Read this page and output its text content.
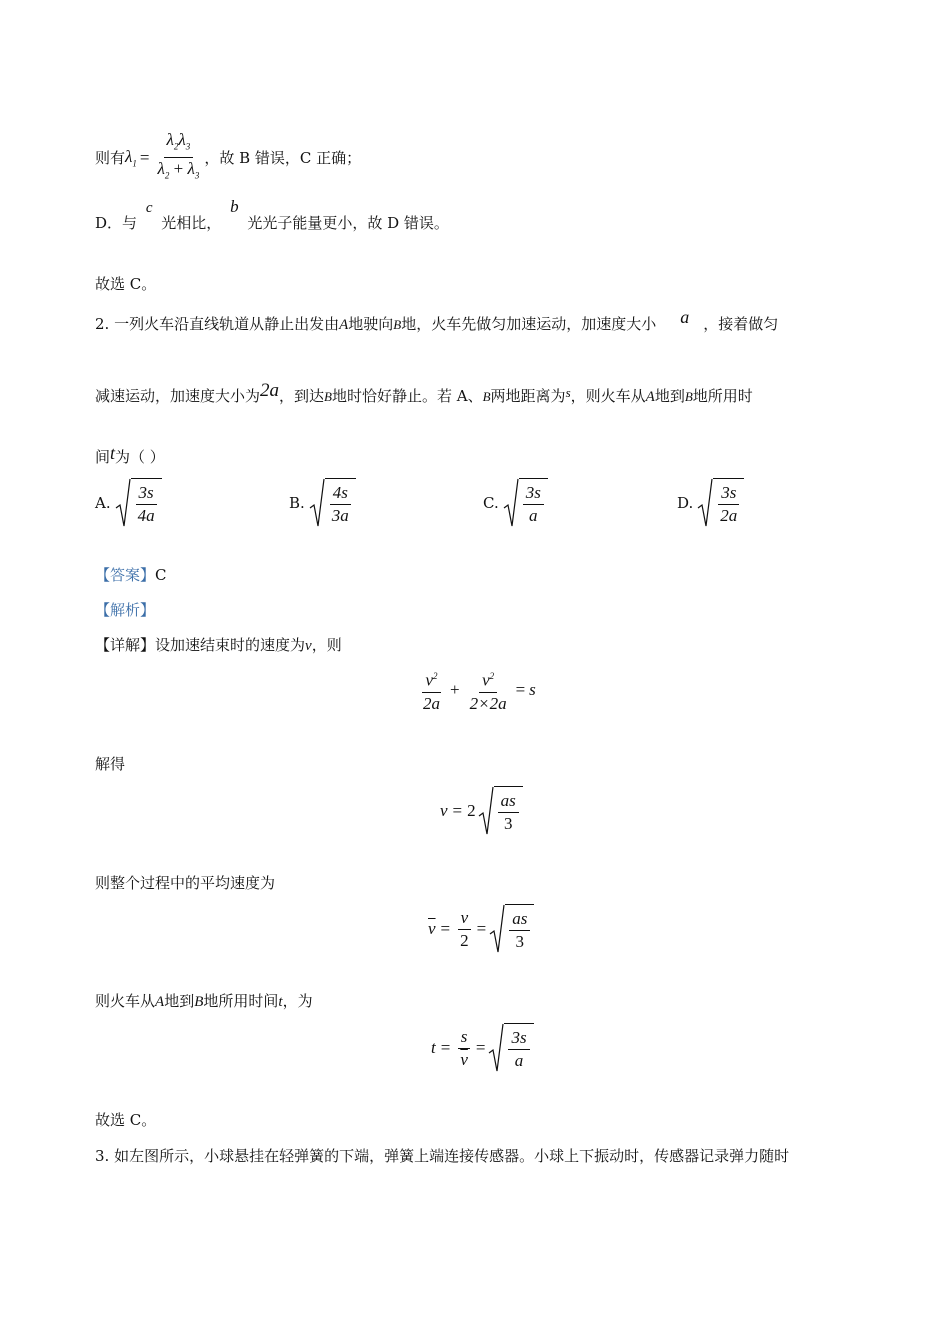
则有 $\lambda_1 = \frac{\lambda_2\lambda_3}{\lambda_2 + \lambda_3}$ ，故 B 错误，C 正确；
D．与 c 光相比， b 光光子能量更小，故 D 错误。
故选 C。
2. 一列火车沿直线轨道从静止出发由A地驶向B地，火车先做匀加速运动，加速度大小 a ，接着做匀
减速运动，加速度大小为2a，到达B地时恰好静止。若 A、B两地距离为s，则火车从A地到B地所用时
间t为（ ）
A. $\frac{3s}{4a}$	B. $\frac{4s}{3a}$	C. $\frac{3s}{a}$	D. $\frac{3s}{2a}$
【答案】C
【解析】
【详解】设加速结束时的速度为v，则
$\frac{v^2}{2a} + \frac{v^2}{2\times 2a} = s$
解得
$v = 2 \frac{as}{3}$
则整个过程中的平均速度为
$\overline{v} = \frac{v}{2} = \frac{as}{3}$
则火车从A地到B地所用时间t，为
$t = \frac{s}{v} = \frac{3s}{a}$
故选 C。
3. 如左图所示，小球悬挂在轻弹簧的下端，弹簧上端连接传感器。小球上下振动时，传感器记录弹力随时
